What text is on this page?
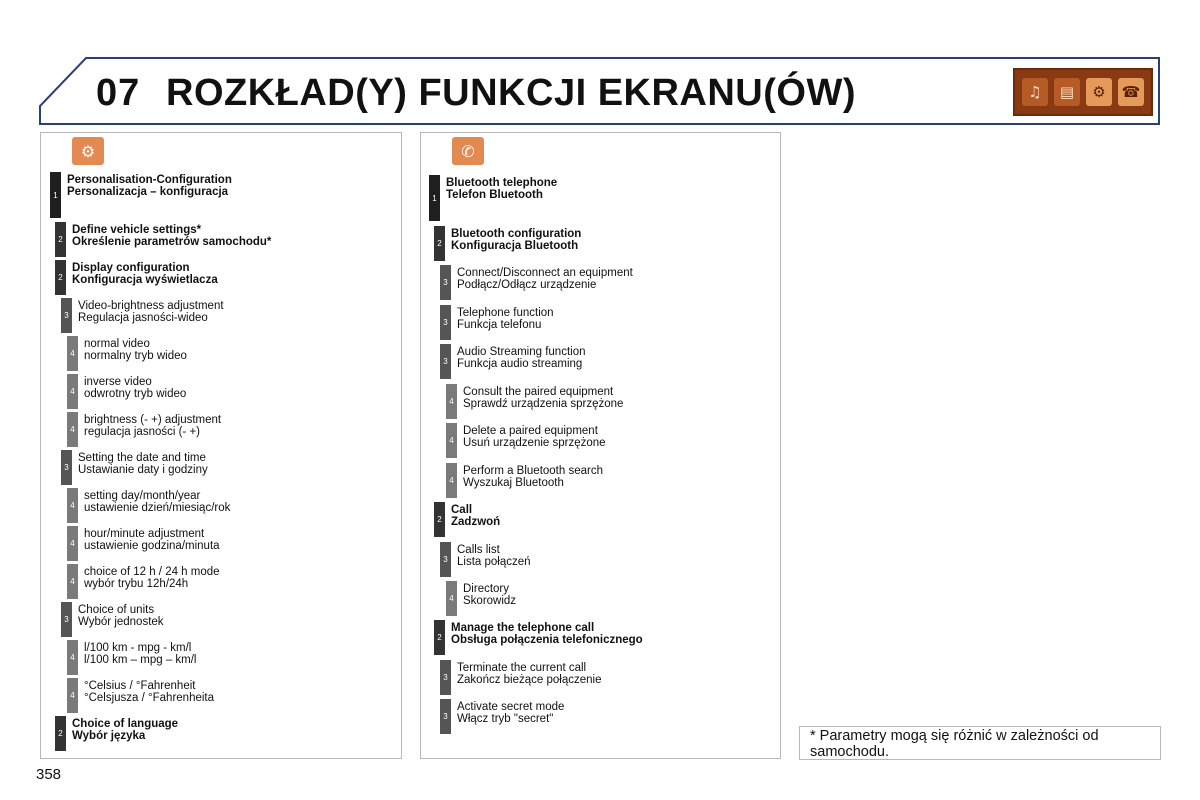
07 ROZKŁAD(Y) FUNKCJI EKRANU(ÓW)	♫	▤	⚙	☎
⚙	✆
1
Personalisation-Configuration
Personalizacja – konfiguracja
2
Define vehicle settings*
Określenie parametrów samochodu*
2
Display configuration
Konfiguracja wyświetlacza
3
Video-brightness adjustment
Regulacja jasności-wideo
4
normal video
normalny tryb wideo
4
inverse video
odwrotny tryb wideo
4
brightness (- +) adjustment
regulacja jasności (- +)
3
Setting the date and time
Ustawianie daty i godziny
4
setting day/month/year
ustawienie dzień/miesiąc/rok
4
hour/minute adjustment
ustawienie godzina/minuta
4
choice of 12 h / 24 h mode
wybór trybu 12h/24h
3
Choice of units
Wybór jednostek
4
l/100 km - mpg - km/l
l/100 km – mpg – km/l
4
°Celsius / °Fahrenheit
°Celsjusza / °Fahrenheita
2
Choice of language
Wybór języka
1
Bluetooth telephone
Telefon Bluetooth
2
Bluetooth configuration
Konfiguracja Bluetooth
3
Connect/Disconnect an equipment
Podłącz/Odłącz urządzenie
3
Telephone function
Funkcja telefonu
3
Audio Streaming function
Funkcja audio streaming
4
Consult the paired equipment
Sprawdź urządzenia sprzężone
4
Delete a paired equipment
Usuń urządzenie sprzężone
4
Perform a Bluetooth search
Wyszukaj Bluetooth
2
Call
Zadzwoń
3
Calls list
Lista połączeń
4
Directory
Skorowidz
2
Manage the telephone call
Obsługa połączenia telefonicznego
3
Terminate the current call
Zakończ bieżące połączenie
3
Activate secret mode
Włącz tryb "secret"
* Parametry mogą się różnić w zależności od samochodu.
358
